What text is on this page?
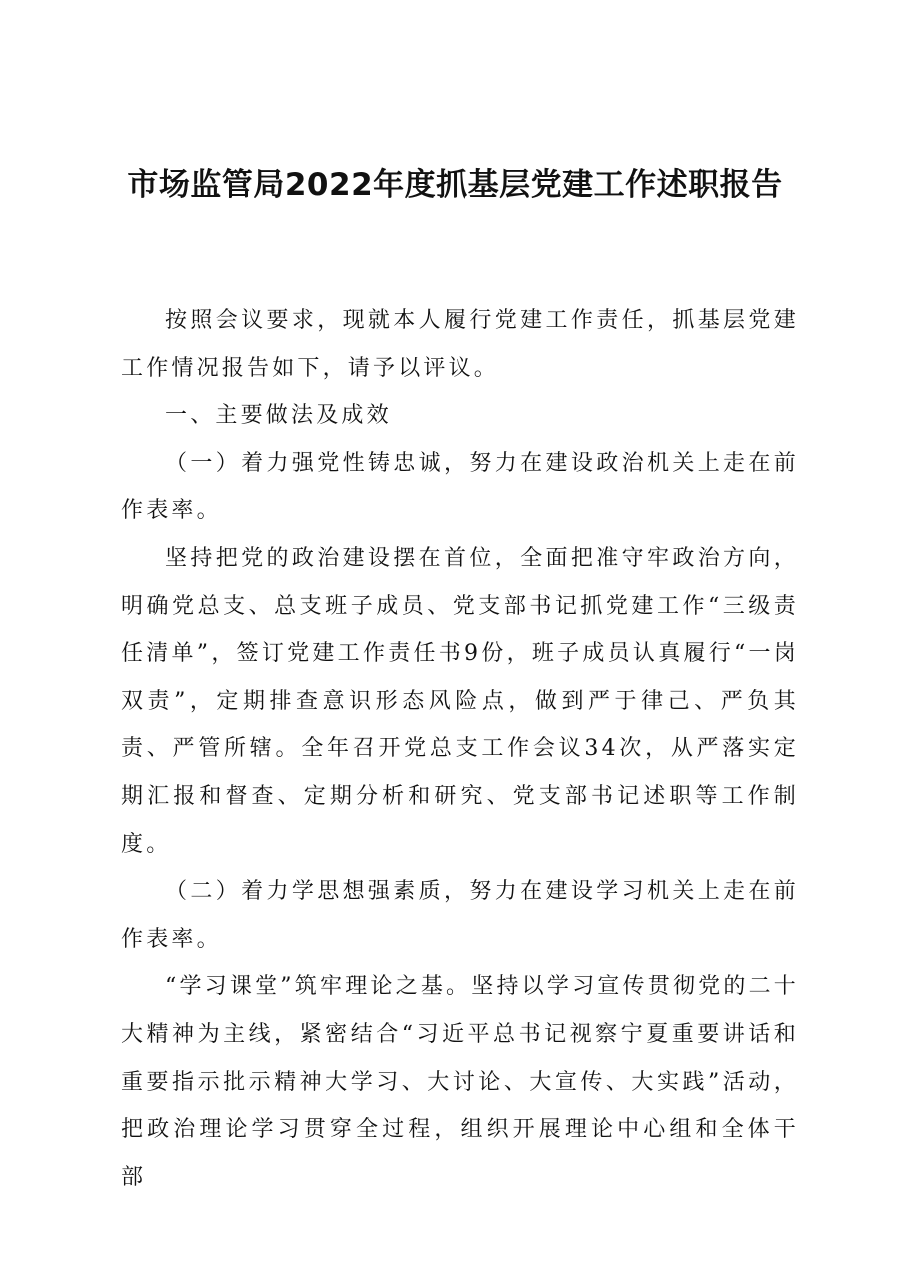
市场监管局2022年度抓基层党建工作述职报告

按照会议要求，现就本人履行党建工作责任，抓基层党建工作情况报告如下，请予以评议。

一、主要做法及成效

（一）着力强党性铸忠诚，努力在建设政治机关上走在前作表率。

坚持把党的政治建设摆在首位，全面把准守牢政治方向，明确党总支、总支班子成员、党支部书记抓党建工作“三级责任清单”，签订党建工作责任书9份，班子成员认真履行“一岗双责”，定期排查意识形态风险点，做到严于律己、严负其责、严管所辖。全年召开党总支工作会议34次，从严落实定期汇报和督查、定期分析和研究、党支部书记述职等工作制度。

（二）着力学思想强素质，努力在建设学习机关上走在前作表率。

“学习课堂”筑牢理论之基。坚持以学习宣传贯彻党的二十大精神为主线，紧密结合“习近平总书记视察宁夏重要讲话和重要指示批示精神大学习、大讨论、大宣传、大实践”活动，把政治理论学习贯穿全过程，组织开展理论中心组和全体干部
